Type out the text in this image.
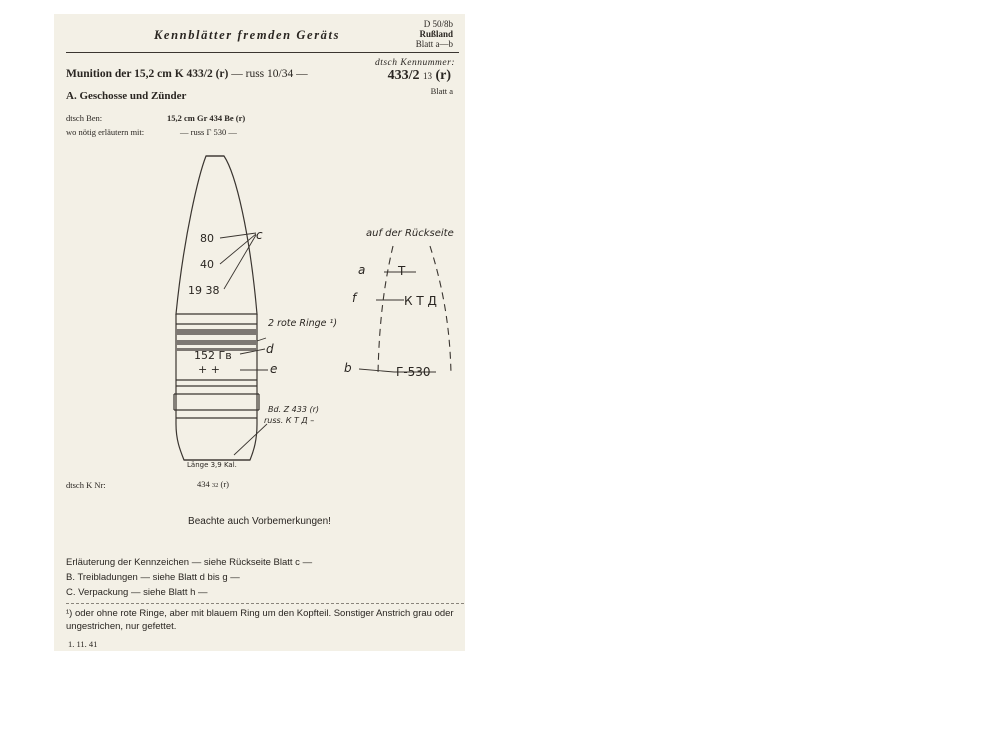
Kennblätter fremden Geräts
D 50/8b
Rußland
Blatt a—b
Munition der 15,2 cm K 433/2 (r) — russ 10/34 —
dtsch Kennummer:
433/2 13 (r)
Blatt a
A. Geschosse und Zünder
dtsch Ben:	15,2 cm Gr 434 Be (r)
wo nötig erläutern mit:	— russ Г 530 —
80
40
19 38
c
2 rote Ringe ¹)
152 Гв	d
+ +	e
Bd. Z 433 (r)
russ. К Т Д –
Länge 3,9 Kal.
auf der Rückseite
a	Т
f	К Т Д
b	Г-530
dtsch K Nr:	434 32 (r)
Beachte auch Vorbemerkungen!
Erläuterung der Kennzeichen — siehe Rückseite Blatt c —
B. Treibladungen — siehe Blatt d bis g —
C. Verpackung — siehe Blatt h —
¹) oder ohne rote Ringe, aber mit blauem Ring um den Kopfteil. Sonstiger Anstrich grau oder ungestrichen, nur gefettet.
1. 11. 41
